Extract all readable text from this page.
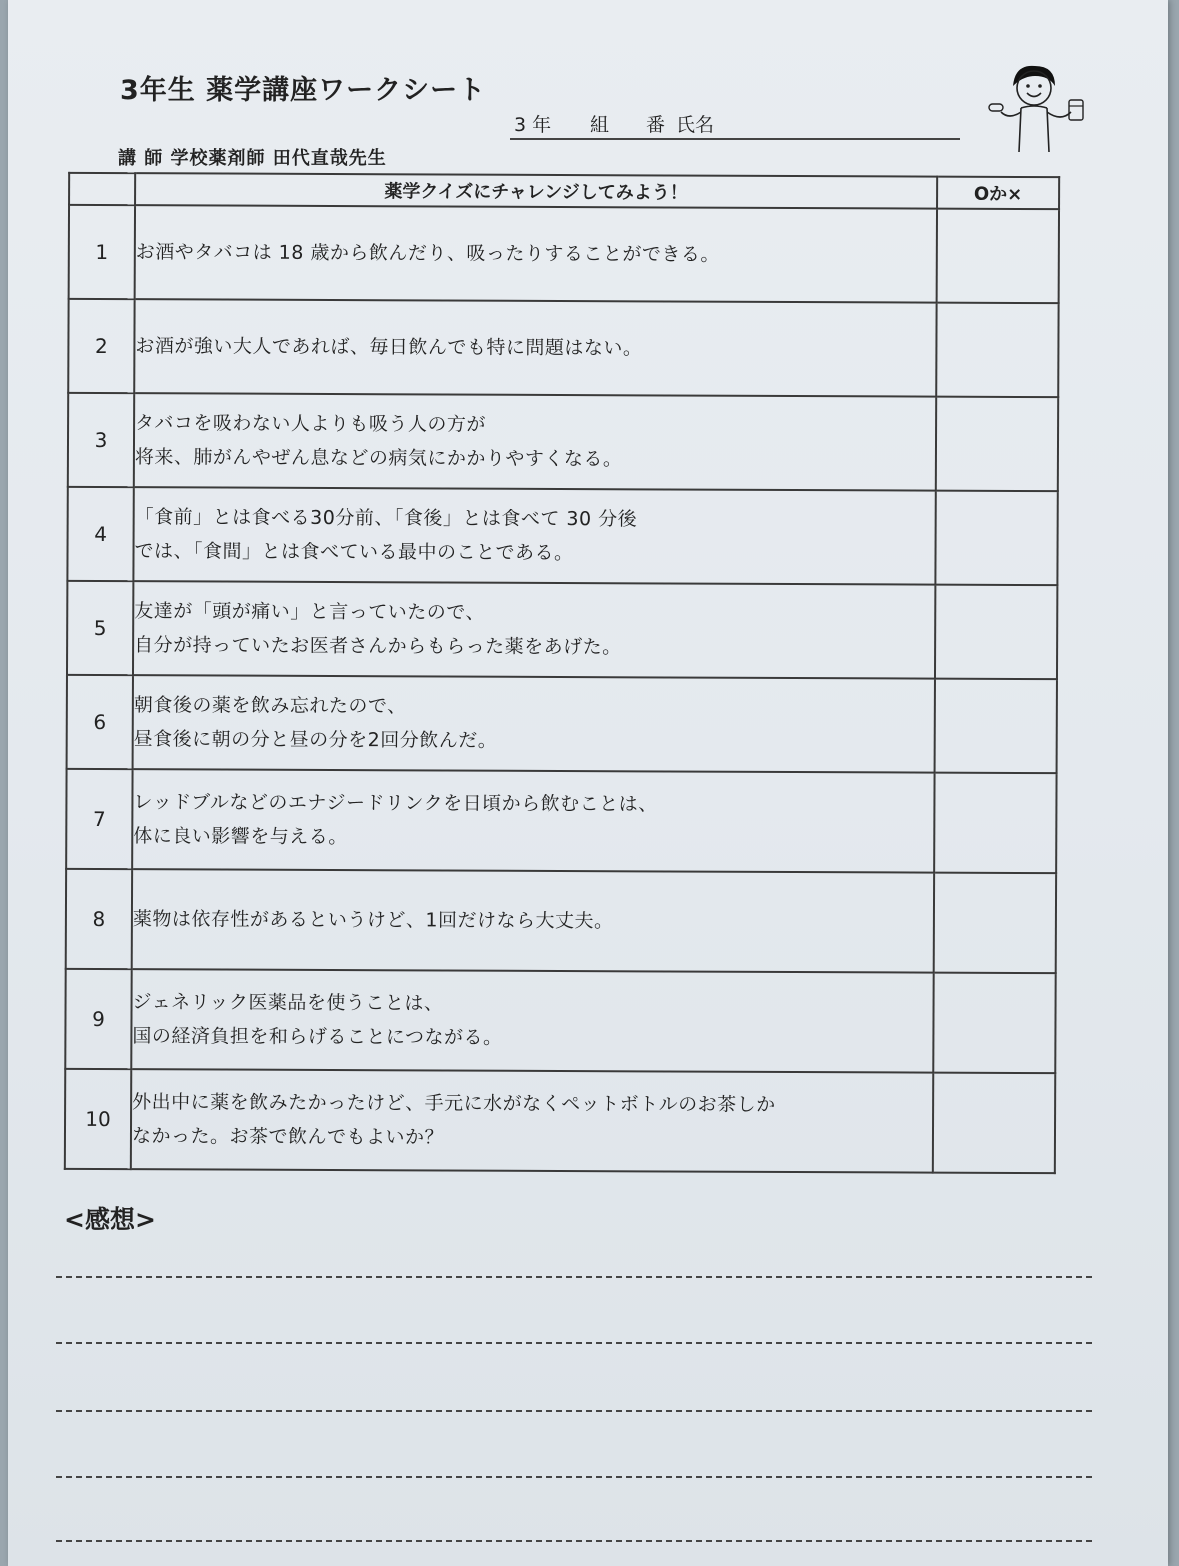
3年生 薬学講座ワークシート
3 年 組 番 氏名
講 師 学校薬剤師 田代直哉先生
	薬学クイズにチャレンジしてみよう！	Oか×
1	お酒やタバコは 18 歳から飲んだり、吸ったりすることができる。	

2	お酒が強い大人であれば、毎日飲んでも特に問題はない。	

3	タバコを吸わない人よりも吸う人の方が
将来、肺がんやぜん息などの病気にかかりやすくなる。	

4	「食前」とは食べる30分前、「食後」とは食べて 30 分後
では、「食間」とは食べている最中のことである。	

5	友達が「頭が痛い」と言っていたので、
自分が持っていたお医者さんからもらった薬をあげた。	

6	朝食後の薬を飲み忘れたので、
昼食後に朝の分と昼の分を2回分飲んだ。	

7	レッドブルなどのエナジードリンクを日頃から飲むことは、
体に良い影響を与える。	

8	薬物は依存性があるというけど、1回だけなら大丈夫。	

9	ジェネリック医薬品を使うことは、
国の経済負担を和らげることにつながる。	

10	外出中に薬を飲みたかったけど、手元に水がなくペットボトルのお茶しか
なかった。お茶で飲んでもよいか？	

<感想>
